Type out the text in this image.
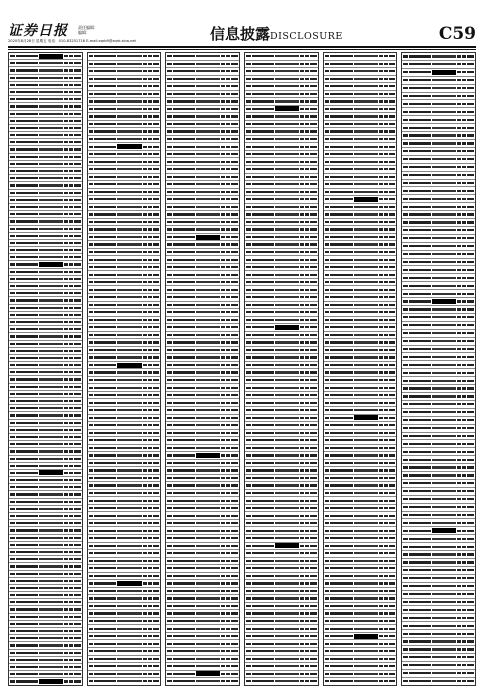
证券日报
2020年8月28日 星期五 电话：010-83251716 E-mail:zqrb9@zqrb.sina.net
责任编辑：
编辑：	信息披露DISCLOSURE	C59
